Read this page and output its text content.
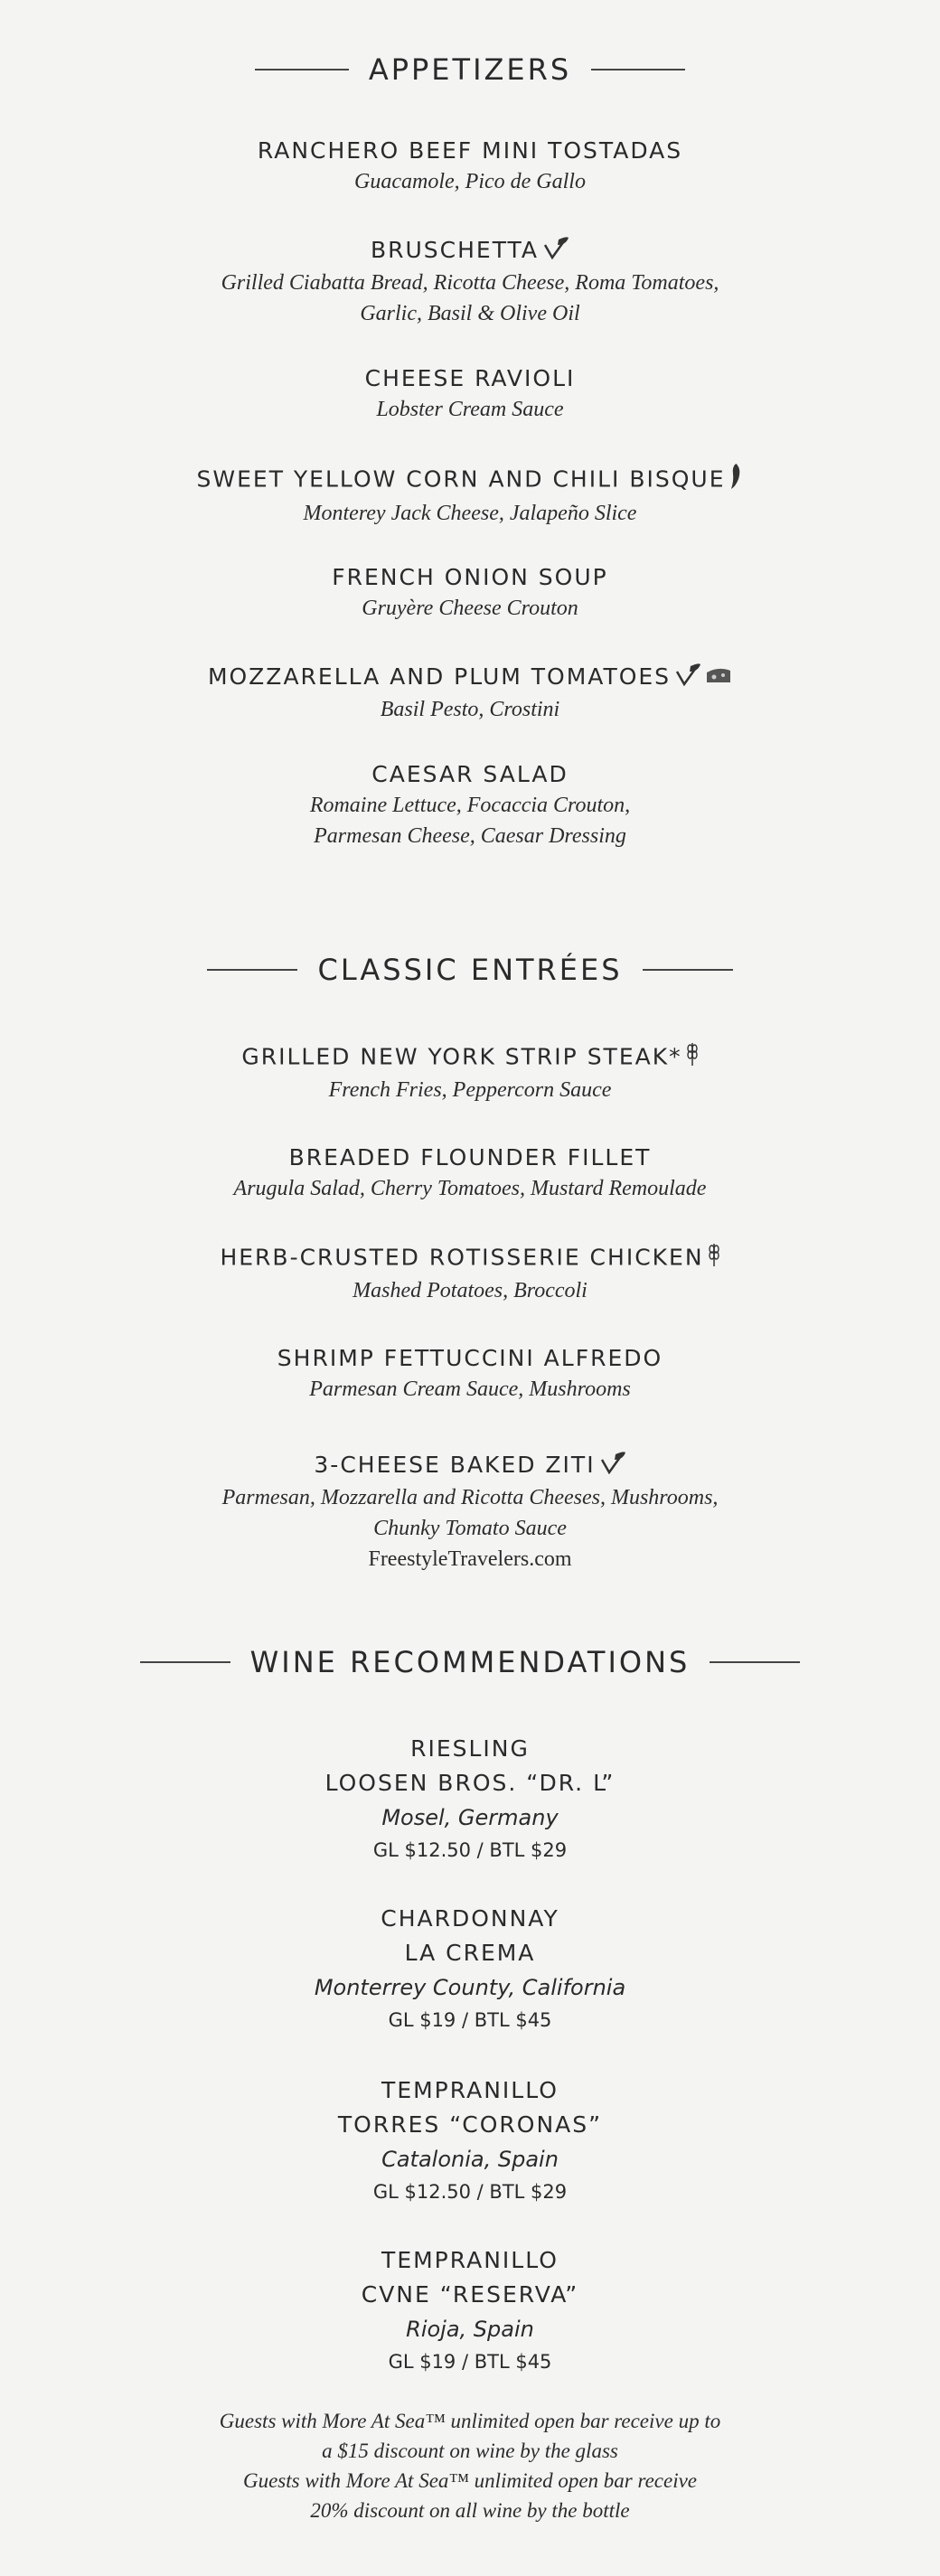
APPETIZERS
RANCHERO BEEF MINI TOSTADAS
Guacamole, Pico de Gallo
BRUSCHETTA
Grilled Ciabatta Bread, Ricotta Cheese, Roma Tomatoes,
Garlic, Basil & Olive Oil
CHEESE RAVIOLI
Lobster Cream Sauce
SWEET YELLOW CORN AND CHILI BISQUE
Monterey Jack Cheese, Jalapeño Slice
FRENCH ONION SOUP
Gruyère Cheese Crouton
MOZZARELLA AND PLUM TOMATOES
Basil Pesto, Crostini
CAESAR SALAD
Romaine Lettuce, Focaccia Crouton,
Parmesan Cheese, Caesar Dressing
CLASSIC ENTRÉES
GRILLED NEW YORK STRIP STEAK*
French Fries, Peppercorn Sauce
BREADED FLOUNDER FILLET
Arugula Salad, Cherry Tomatoes, Mustard Remoulade
HERB-CRUSTED ROTISSERIE CHICKEN
Mashed Potatoes, Broccoli
SHRIMP FETTUCCINI ALFREDO
Parmesan Cream Sauce, Mushrooms
3-CHEESE BAKED ZITI
Parmesan, Mozzarella and Ricotta Cheeses, Mushrooms,
Chunky Tomato Sauce
FreestyleTravelers.com
WINE RECOMMENDATIONS
RIESLING
LOOSEN BROS. “DR. L”
Mosel, Germany
GL $12.50 / BTL $29
CHARDONNAY
LA CREMA
Monterrey County, California
GL $19 / BTL $45
TEMPRANILLO
TORRES “CORONAS”
Catalonia, Spain
GL $12.50 / BTL $29
TEMPRANILLO
CVNE “RESERVA”
Rioja, Spain
GL $19 / BTL $45
Guests with More At Sea™ unlimited open bar receive up to
a $15 discount on wine by the glass
Guests with More At Sea™ unlimited open bar receive
20% discount on all wine by the bottle
